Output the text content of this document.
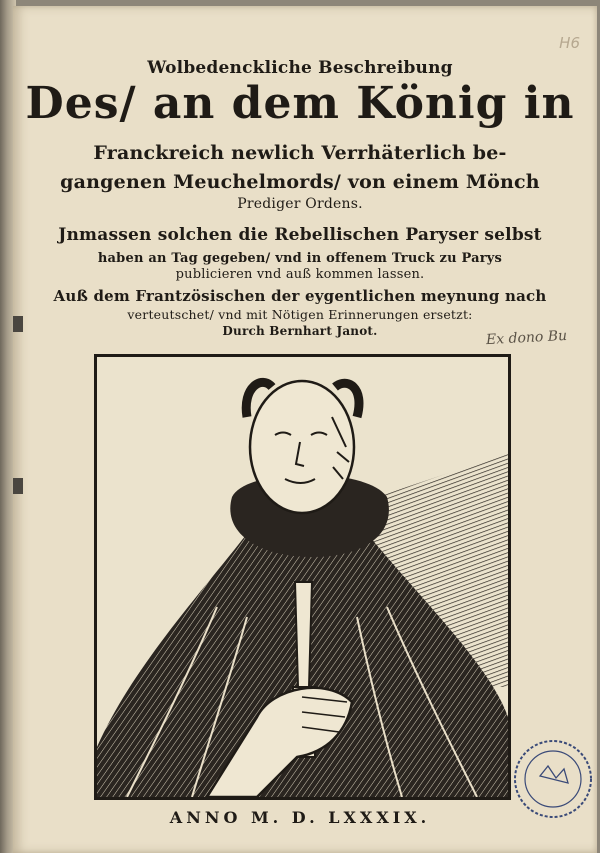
H6
Wolbedenckliche Beschreibung
Des/ an dem König in
Franckreich newlich Verrhäterlich be-
gangenen Meuchelmords/ von einem Mönch
Prediger Ordens.
Jnmassen solchen die Rebellischen Paryser selbst
haben an Tag gegeben/ vnd in offenem Truck zu Parys
publicieren vnd auß kommen lassen.
Auß dem Frantzösischen der eygentlichen meynung nach
verteutschet/ vnd mit Nötigen Erinnerungen ersetzt:
Durch Bernhart Janot.	Ex dono Bu
ANNO M. D. LXXXIX.
